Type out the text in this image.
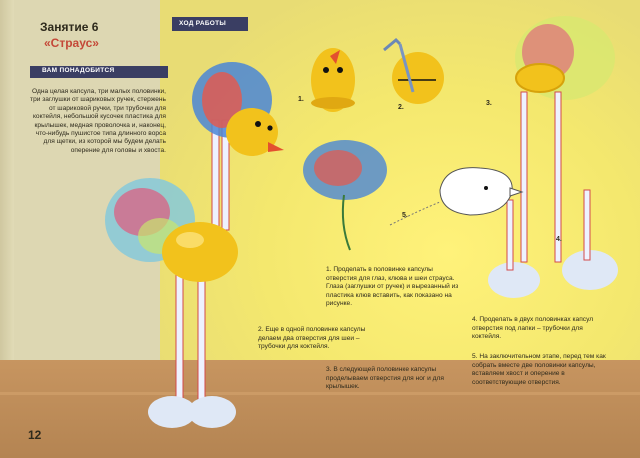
Занятие 6
«Страус»
ВАМ ПОНАДОБИТСЯ
ХОД РАБОТЫ
Одна целая капсула, три малых половинки, три заглушки от шариковых ручек, стержень от шариковой ручки, три трубочки для коктейля, небольшой кусочек пластика для крылышек, медная проволочка и, наконец, что-нибудь пушистое типа длинного ворса для щетки, из которой мы будем делать оперение для головы и хвоста.
1.
2.
3.
4.
5.
1. Проделать в половинке капсулы отверстия для глаз, клюва и шеи страуса. Глаза (заглушки от ручек) и вырезанный из пластика клюв вставить, как показано на рисунке.
2. Еще в одной половинке капсулы делаем два отверстия для шеи – трубочки для коктейля.
3. В следующей половинке капсулы проделываем отверстия для ног и для крылышек.
4. Проделать в двух половинках капсул отверстия под лапки – трубочки для коктейля.
5. На заключительном этапе, перед тем как собрать вместе две половинки капсулы, вставляем хвост и оперение в соответствующие отверстия.
12
